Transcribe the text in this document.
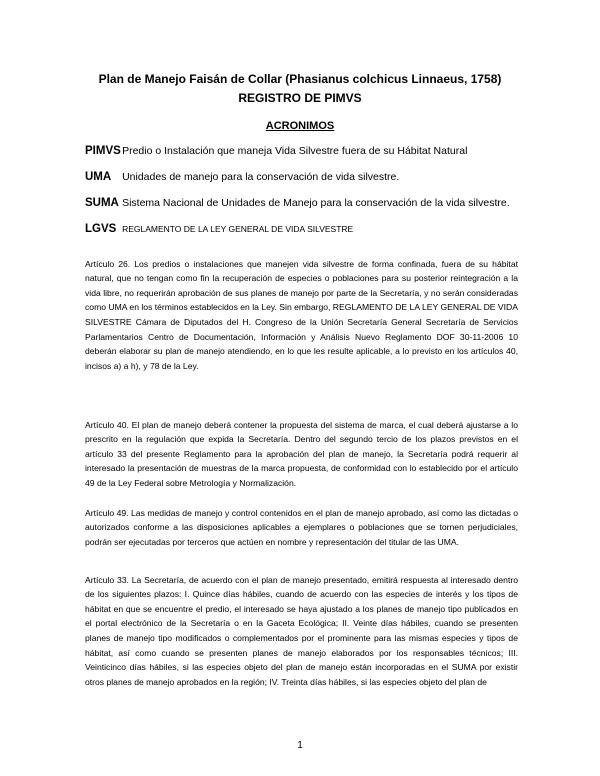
Plan de Manejo Faisán de Collar (Phasianus colchicus Linnaeus, 1758)
REGISTRO DE PIMVS
ACRONIMOS
PIMVS Predio o Instalación que maneja Vida Silvestre fuera de su Hábitat Natural
UMA Unidades de manejo para la conservación de vida silvestre.
SUMA Sistema Nacional de Unidades de Manejo para la conservación de la vida silvestre.
LGVS REGLAMENTO DE LA LEY GENERAL DE VIDA SILVESTRE

Artículo 26. Los predios o instalaciones que manejen vida silvestre de forma confinada, fuera de su hábitat natural, que no tengan como fin la recuperación de especies o poblaciones para su posterior reintegración a la vida libre, no requerirán aprobación de sus planes de manejo por parte de la Secretaría, y no serán consideradas como UMA en los términos establecidos en la Ley. Sin embargo, REGLAMENTO DE LA LEY GENERAL DE VIDA SILVESTRE Cámara de Diputados del H. Congreso de la Unión Secretaría General Secretaría de Servicios Parlamentarios Centro de Documentación, Información y Análisis Nuevo Reglamento DOF 30-11-2006 10 deberán elaborar su plan de manejo atendiendo, en lo que les resulte aplicable, a lo previsto en los artículos 40, incisos a) a h), y 78 de la Ley.

Artículo 40. El plan de manejo deberá contener la propuesta del sistema de marca, el cual deberá ajustarse a lo prescrito en la regulación que expida la Secretaría. Dentro del segundo tercio de los plazos previstos en el artículo 33 del presente Reglamento para la aprobación del plan de manejo, la Secretaría podrá requerir al interesado la presentación de muestras de la marca propuesta, de conformidad con lo establecido por el artículo 49 de la Ley Federal sobre Metrología y Normalización.

Artículo 49. Las medidas de manejo y control contenidos en el plan de manejo aprobado, así como las dictadas o autorizados conforme a las disposiciones aplicables a ejemplares o poblaciones que se tornen perjudiciales, podrán ser ejecutadas por terceros que actúen en nombre y representación del titular de las UMA.

Artículo 33. La Secretaría, de acuerdo con el plan de manejo presentado, emitirá respuesta al interesado dentro de los siguientes plazos: I. Quince días hábiles, cuando de acuerdo con las especies de interés y los tipos de hábitat en que se encuentre el predio, el interesado se haya ajustado a los planes de manejo tipo publicados en el portal electrónico de la Secretaría o en la Gaceta Ecológica; II. Veinte días hábiles, cuando se presenten planes de manejo tipo modificados o complementados por el prominente para las mismas especies y tipos de hábitat, así como cuando se presenten planes de manejo elaborados por los responsables técnicos; III. Veinticinco días hábiles, si las especies objeto del plan de manejo están incorporadas en el SUMA por existir otros planes de manejo aprobados en la región; IV. Treinta días hábiles, si las especies objeto del plan de

1
